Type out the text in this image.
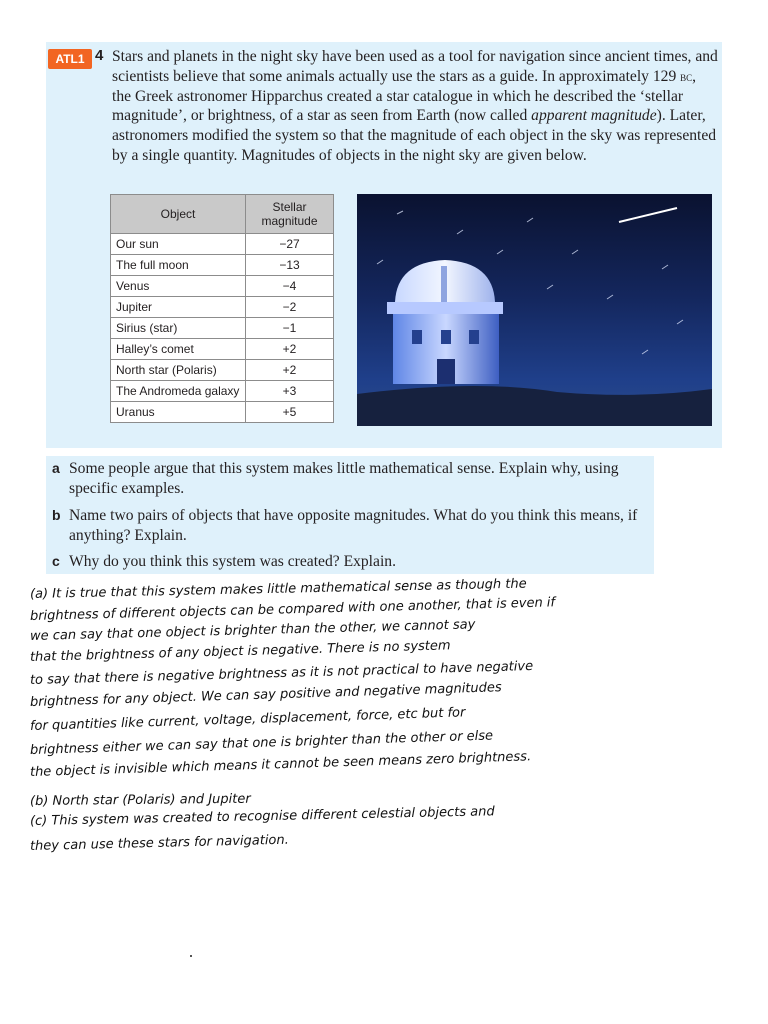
ATL1 4 Stars and planets in the night sky have been used as a tool for navigation since ancient times, and scientists believe that some animals actually use the stars as a guide. In approximately 129 bc, the Greek astronomer Hipparchus created a star catalogue in which he described the ‘stellar magnitude’, or brightness, of a star as seen from Earth (now called apparent magnitude). Later, astronomers modified the system so that the magnitude of each object in the sky was represented by a single quantity. Magnitudes of objects in the night sky are given below.

Object	Stellar magnitude
Our sun	−27
The full moon	−13
Venus	−4
Jupiter	−2
Sirius (star)	−1
Halley’s comet	+2
North star (Polaris)	+2
The Andromeda galaxy	+3
Uranus	+5
a Some people argue that this system makes little mathematical sense. Explain why, using specific examples.
b Name two pairs of objects that have opposite magnitudes. What do you think this means, if anything? Explain.
c Why do you think this system was created? Explain.
(a) It is true that this system makes little mathematical sense as though the
brightness of different objects can be compared with one another, that is even if
we can say that one object is brighter than the other, we cannot say
that the brightness of any object is negative. There is no system
to say that there is negative brightness as it is not practical to have negative
brightness for any object. We can say positive and negative magnitudes
for quantities like current, voltage, displacement, force, etc but for
brightness either we can say that one is brighter than the other or else
the object is invisible which means it cannot be seen means zero brightness.
(b) North star (Polaris) and Jupiter
(c) This system was created to recognise different celestial objects and
they can use these stars for navigation.
